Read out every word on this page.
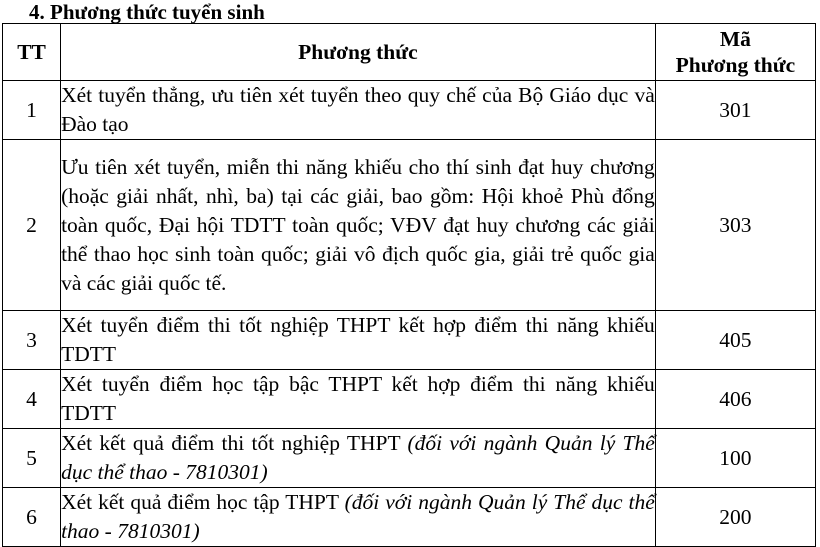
4. Phương thức tuyển sinh
TT	Phương thức	Mã
Phương thức

1	Xét tuyển thẳng, ưu tiên xét tuyển theo quy chế của Bộ Giáo dục và Đào tạo	301
2	Ưu tiên xét tuyển, miễn thi năng khiếu cho thí sinh đạt huy chương (hoặc giải nhất, nhì, ba) tại các giải, bao gồm: Hội khoẻ Phù đổng toàn quốc, Đại hội TDTT toàn quốc; VĐV đạt huy chương các giải thể thao học sinh toàn quốc; giải vô địch quốc gia, giải trẻ quốc gia và các giải quốc tế.	303
3	Xét tuyển điểm thi tốt nghiệp THPT kết hợp điểm thi năng khiếu TDTT	405
4	Xét tuyển điểm học tập bậc THPT kết hợp điểm thi năng khiếu TDTT	406
5	Xét kết quả điểm thi tốt nghiệp THPT (đối với ngành Quản lý Thể dục thể thao - 7810301)	100
6	Xét kết quả điểm học tập THPT (đối với ngành Quản lý Thể dục thể thao - 7810301)	200
